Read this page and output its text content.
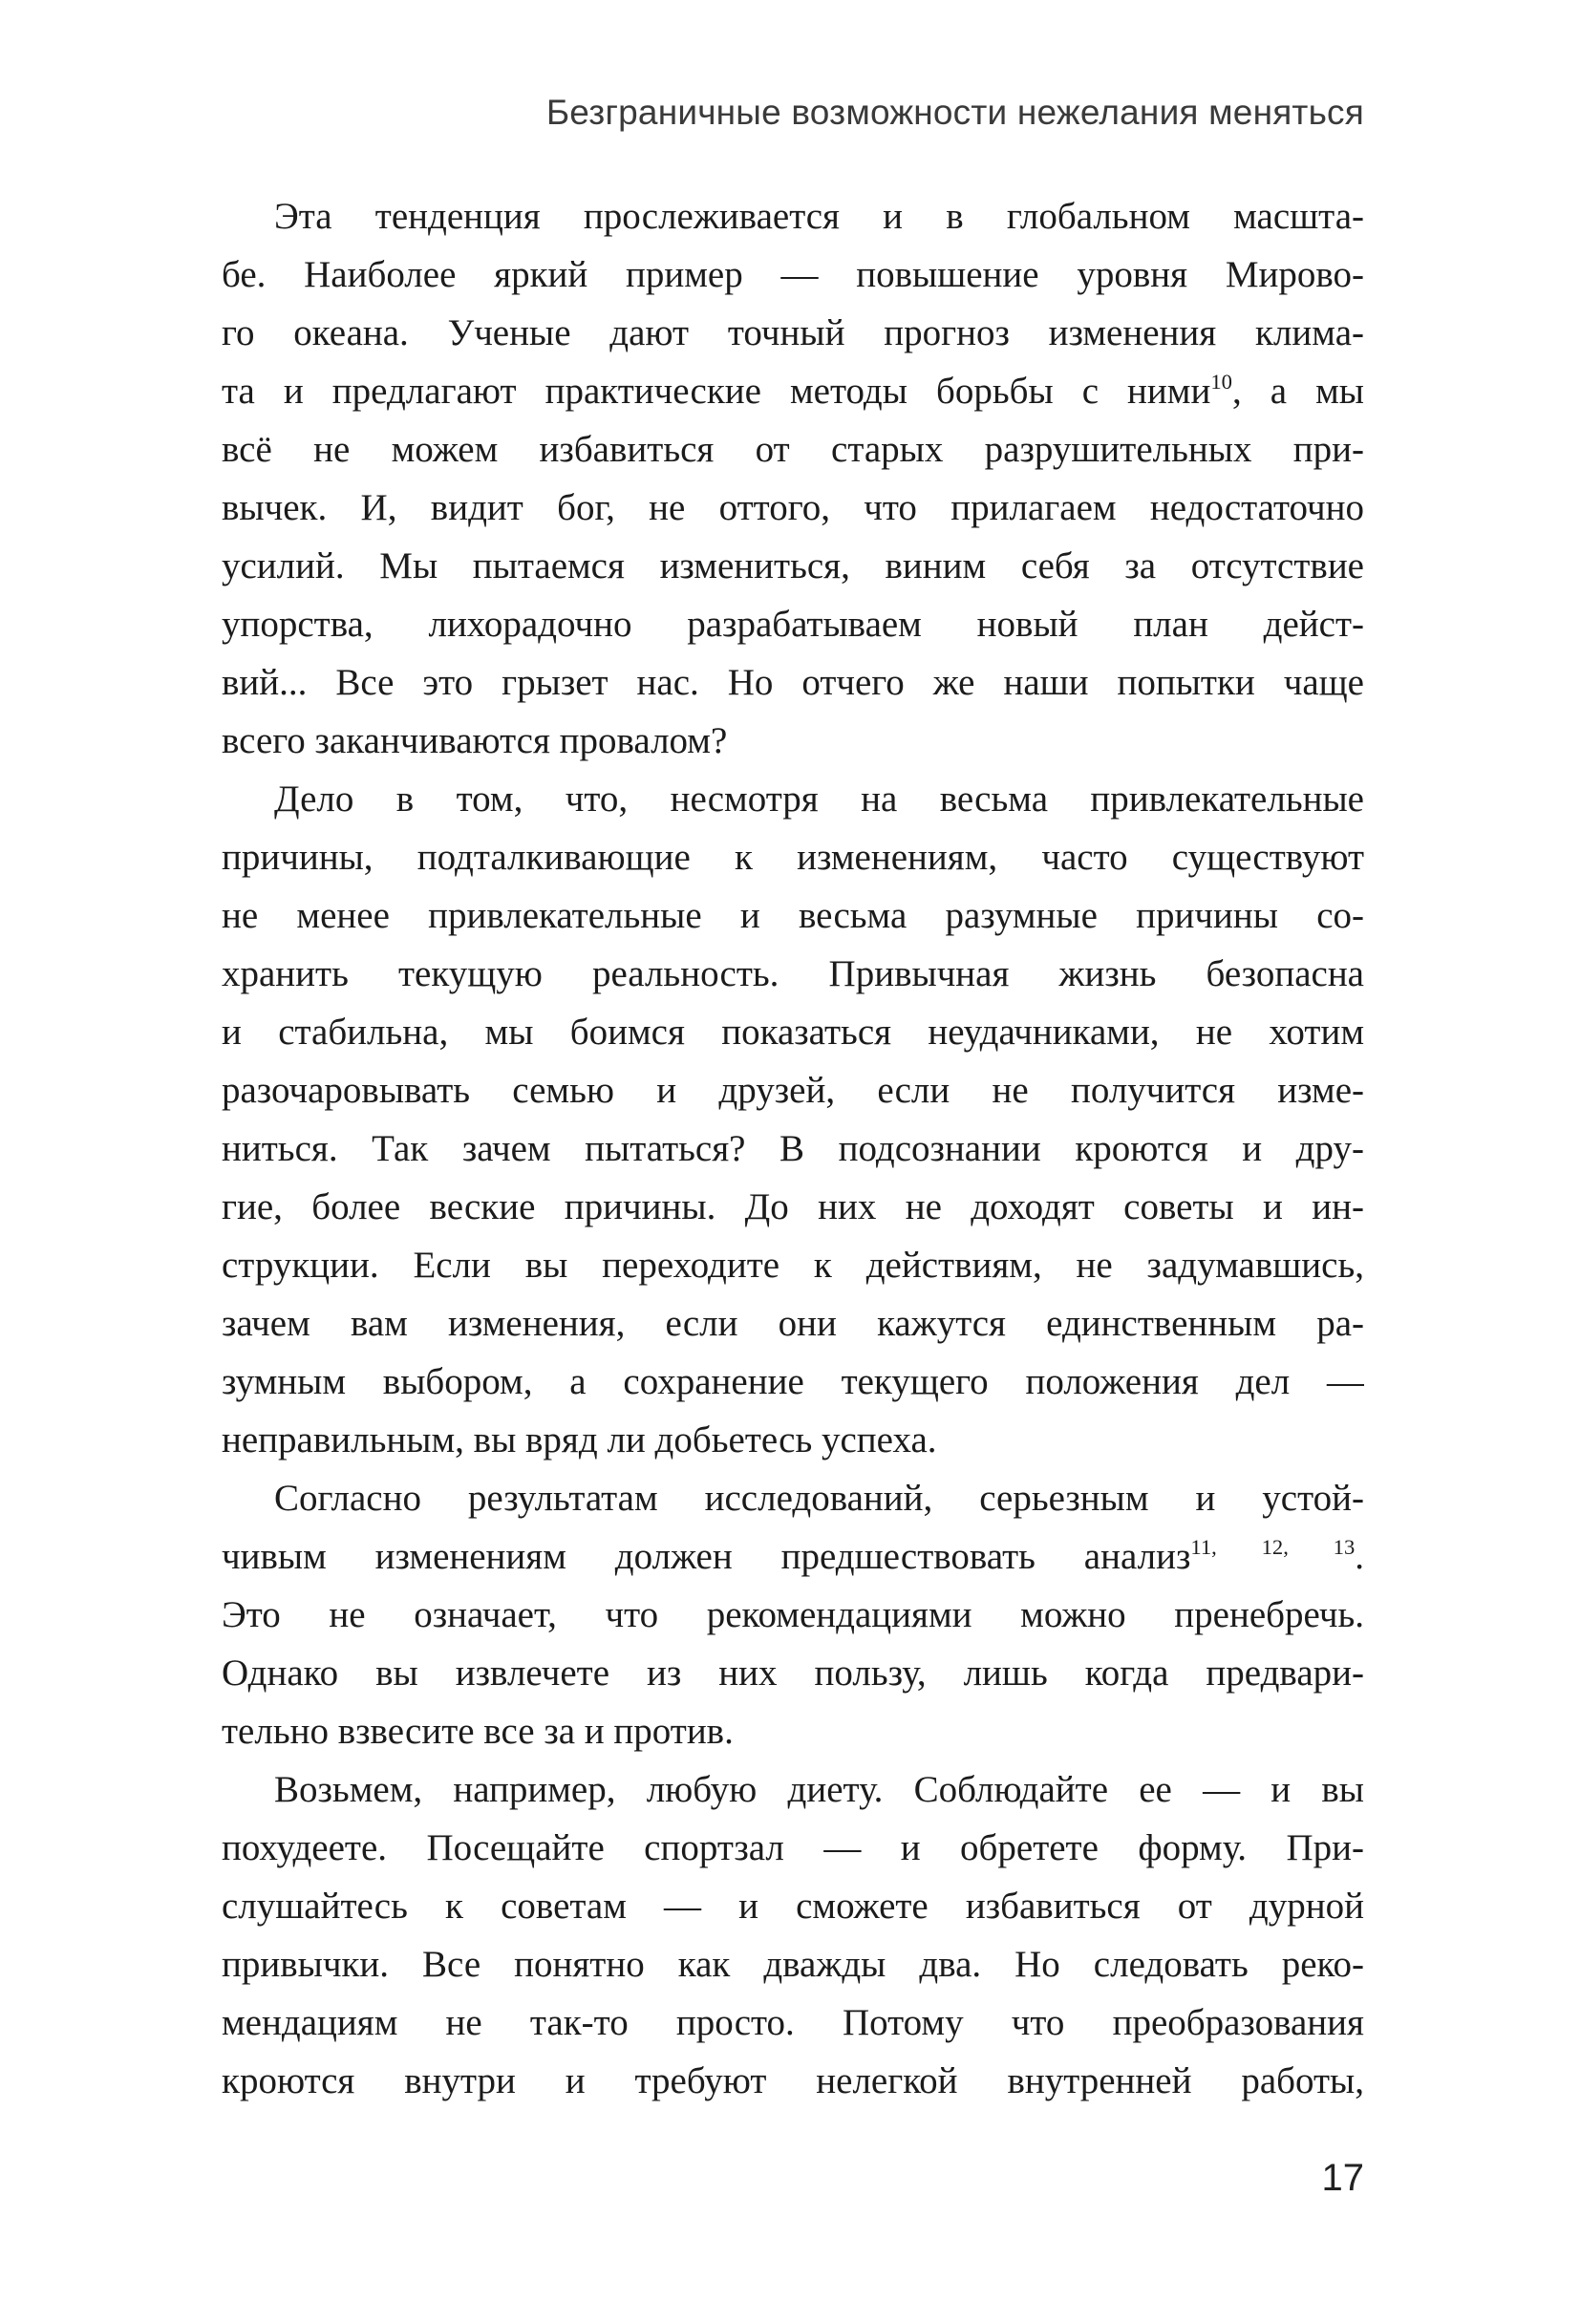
Безграничные возможности нежелания меняться
Эта тенденция прослеживается и в глобальном масшта-
бе. Наиболее яркий пример — повышение уровня Мирово-
го океана. Ученые дают точный прогноз изменения клима-
та и предлагают практические методы борьбы с ними$^{10}$, а мы
всё не можем избавиться от старых разрушительных при-
вычек. И, видит бог, не оттого, что прилагаем недостаточно
усилий. Мы пытаемся измениться, виним себя за отсутствие
упорства, лихорадочно разрабатываем новый план дейст-
вий... Все это грызет нас. Но отчего же наши попытки чаще
всего заканчиваются провалом?
Дело в том, что, несмотря на весьма привлекательные
причины, подталкивающие к изменениям, часто существуют
не менее привлекательные и весьма разумные причины со-
хранить текущую реальность. Привычная жизнь безопасна
и стабильна, мы боимся показаться неудачниками, не хотим
разочаровывать семью и друзей, если не получится изме-
ниться. Так зачем пытаться? В подсознании кроются и дру-
гие, более веские причины. До них не доходят советы и ин-
струкции. Если вы переходите к действиям, не задумавшись,
зачем вам изменения, если они кажутся единственным ра-
зумным выбором, а сохранение текущего положения дел —
неправильным, вы вряд ли добьетесь успеха.
Согласно результатам исследований, серьезным и устой-
чивым изменениям должен предшествовать анализ$^{11, 12, 13}$.
Это не означает, что рекомендациями можно пренебречь.
Однако вы извлечете из них пользу, лишь когда предвари-
тельно взвесите все за и против.
Возьмем, например, любую диету. Соблюдайте ее — и вы
похудеете. Посещайте спортзал — и обретете форму. При-
слушайтесь к советам — и сможете избавиться от дурной
привычки. Все понятно как дважды два. Но следовать реко-
мендациям не так-то просто. Потому что преобразования
кроются внутри и требуют нелегкой внутренней работы,
17
